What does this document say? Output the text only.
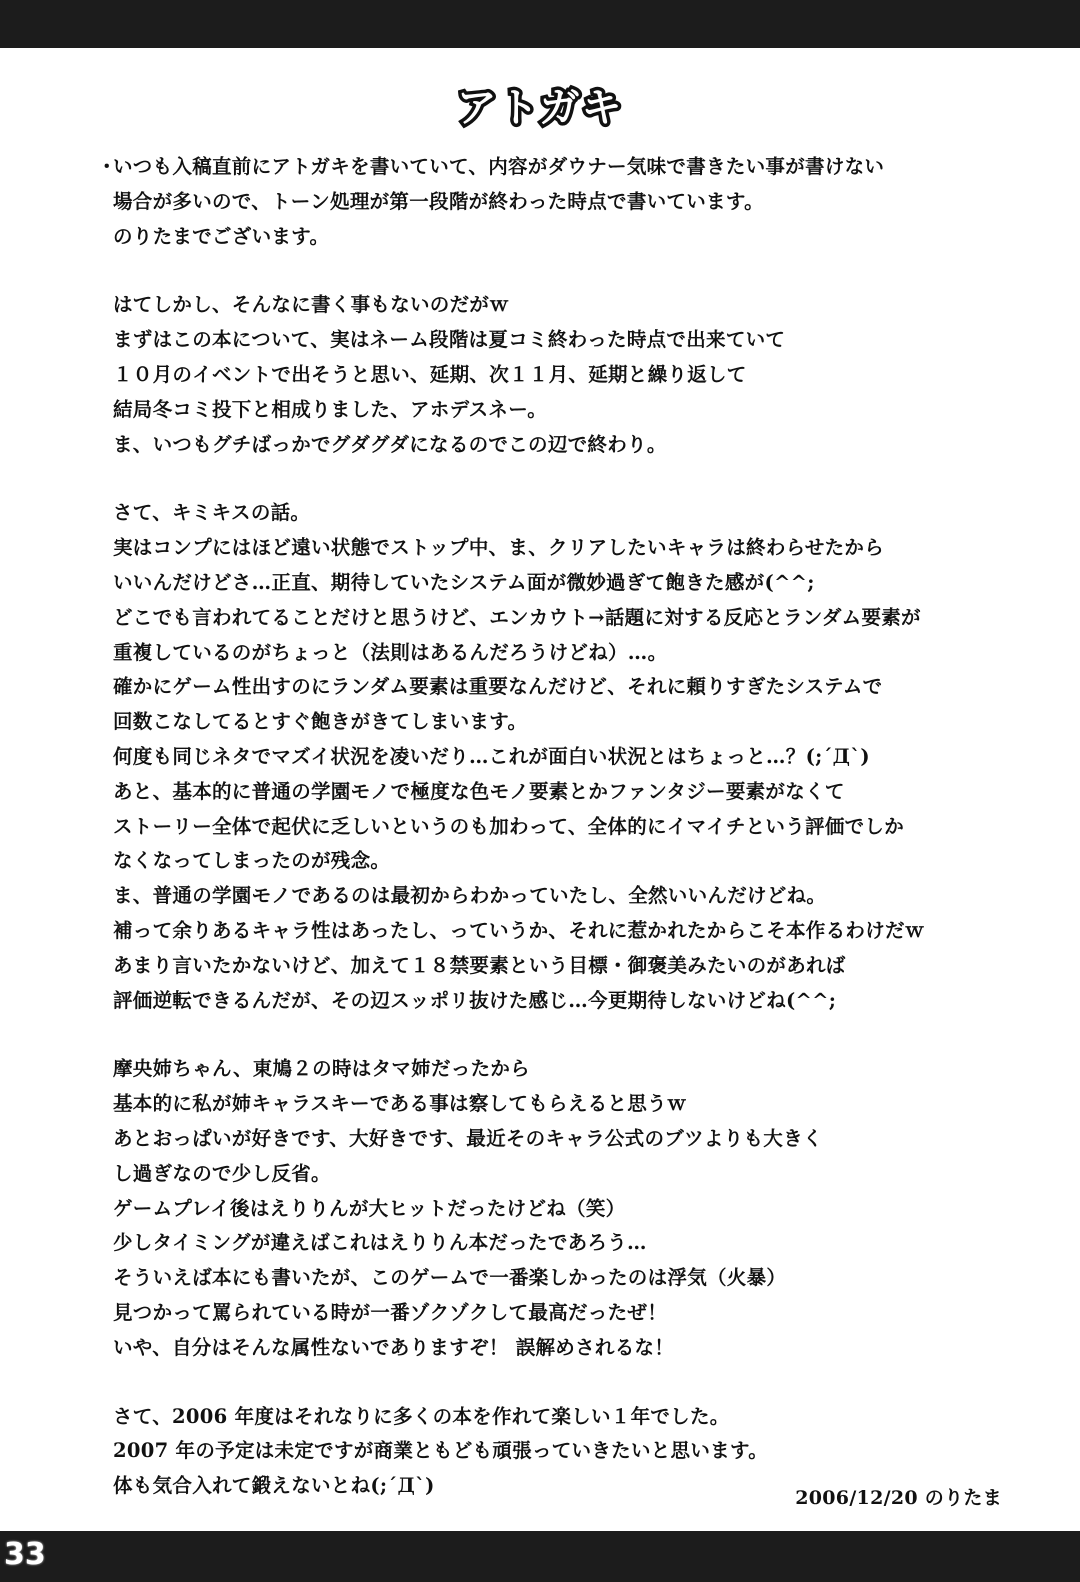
アトガキ
・
いつも入稿直前にアトガキを書いていて、内容がダウナー気味で書きたい事が書けない
場合が多いので、トーン処理が第一段階が終わった時点で書いています。
のりたまでございます。
はてしかし、そんなに書く事もないのだがｗ
まずはこの本について、実はネーム段階は夏コミ終わった時点で出来ていて
１０月のイベントで出そうと思い、延期、次１１月、延期と繰り返して
結局冬コミ投下と相成りました、アホデスネー。
ま、いつもグチばっかでグダグダになるのでこの辺で終わり。
さて、キミキスの話。
実はコンプにはほど遠い状態でストップ中、ま、クリアしたいキャラは終わらせたから
いいんだけどさ…正直、期待していたシステム面が微妙過ぎて飽きた感が(^^;
どこでも言われてることだけと思うけど、エンカウト→話題に対する反応とランダム要素が
重複しているのがちょっと（法則はあるんだろうけどね）…。
確かにゲーム性出すのにランダム要素は重要なんだけど、それに頼りすぎたシステムで
回数こなしてるとすぐ飽きがきてしまいます。
何度も同じネタでマズイ状況を凌いだり…これが面白い状況とはちょっと…？(;´Д`)
あと、基本的に普通の学園モノで極度な色モノ要素とかファンタジー要素がなくて
ストーリー全体で起伏に乏しいというのも加わって、全体的にイマイチという評価でしか
なくなってしまったのが残念。
ま、普通の学園モノであるのは最初からわかっていたし、全然いいんだけどね。
補って余りあるキャラ性はあったし、っていうか、それに惹かれたからこそ本作るわけだｗ
あまり言いたかないけど、加えて１８禁要素という目標・御褒美みたいのがあれば
評価逆転できるんだが、その辺スッポリ抜けた感じ…今更期待しないけどね(^^;
摩央姉ちゃん、東鳩２の時はタマ姉だったから
基本的に私が姉キャラスキーである事は察してもらえると思うｗ
あとおっぱいが好きです、大好きです、最近そのキャラ公式のブツよりも大きく
し過ぎなので少し反省。
ゲームプレイ後はえりりんが大ヒットだったけどね（笑）
少しタイミングが違えばこれはえりりん本だったであろう…
そういえば本にも書いたが、このゲームで一番楽しかったのは浮気（火暴）
見つかって罵られている時が一番ゾクゾクして最高だったぜ！
いや、自分はそんな属性ないでありますぞ！ 誤解めされるな！
さて、2006 年度はそれなりに多くの本を作れて楽しい１年でした。
2007 年の予定は未定ですが商業ともども頑張っていきたいと思います。
体も気合入れて鍛えないとね(;´Д`)
2006/12/20 のりたま
33
